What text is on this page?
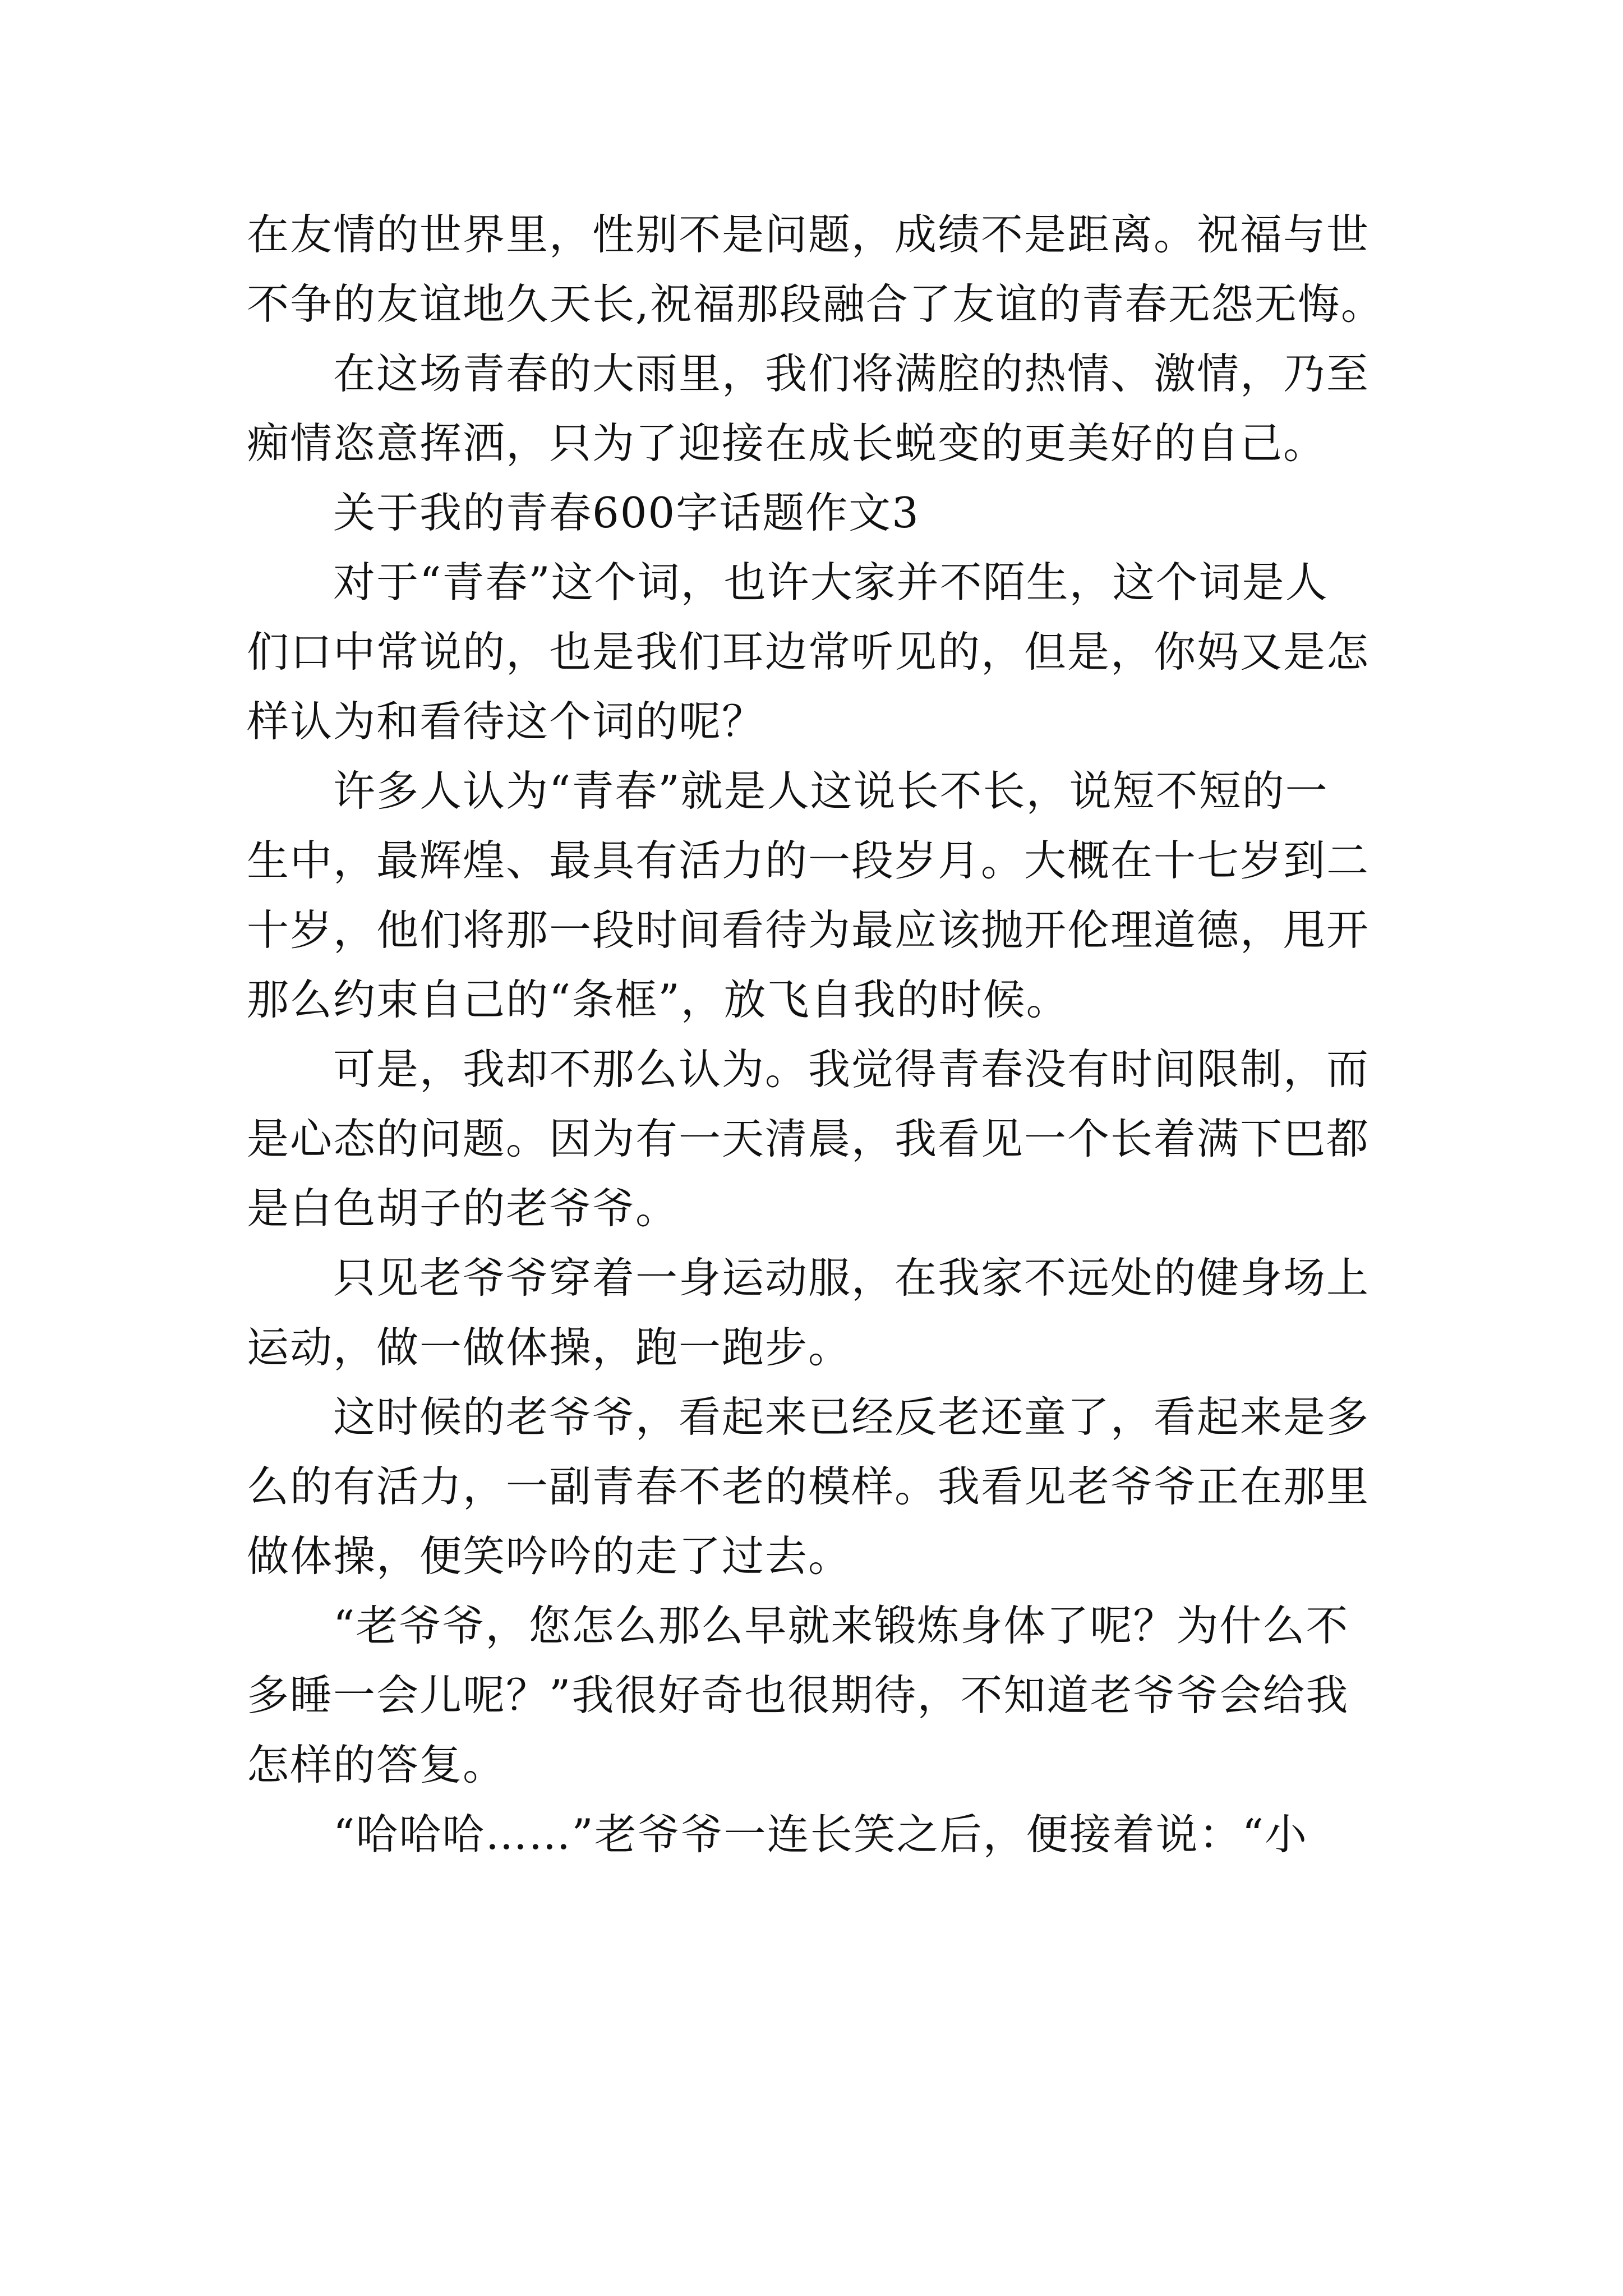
在友情的世界里，性别不是问题，成绩不是距离。祝福与世
不争的友谊地久天长,祝福那段融合了友谊的青春无怨无悔。
　　在这场青春的大雨里，我们将满腔的热情、激情，乃至
痴情恣意挥洒，只为了迎接在成长蜕变的更美好的自己。
　　关于我的青春600字话题作文3
　　对于“青春”这个词，也许大家并不陌生，这个词是人
们口中常说的，也是我们耳边常听见的，但是，你妈又是怎
样认为和看待这个词的呢？
　　许多人认为“青春”就是人这说长不长，说短不短的一
生中，最辉煌、最具有活力的一段岁月。大概在十七岁到二
十岁，他们将那一段时间看待为最应该抛开伦理道德，甩开
那么约束自己的“条框”，放飞自我的时候。
　　可是，我却不那么认为。我觉得青春没有时间限制，而
是心态的问题。因为有一天清晨，我看见一个长着满下巴都
是白色胡子的老爷爷。
　　只见老爷爷穿着一身运动服，在我家不远处的健身场上
运动，做一做体操，跑一跑步。
　　这时候的老爷爷，看起来已经反老还童了，看起来是多
么的有活力，一副青春不老的模样。我看见老爷爷正在那里
做体操，便笑吟吟的走了过去。
　　“老爷爷，您怎么那么早就来锻炼身体了呢？为什么不
多睡一会儿呢？”我很好奇也很期待，不知道老爷爷会给我
怎样的答复。
　　“哈哈哈……”老爷爷一连长笑之后，便接着说：“小
